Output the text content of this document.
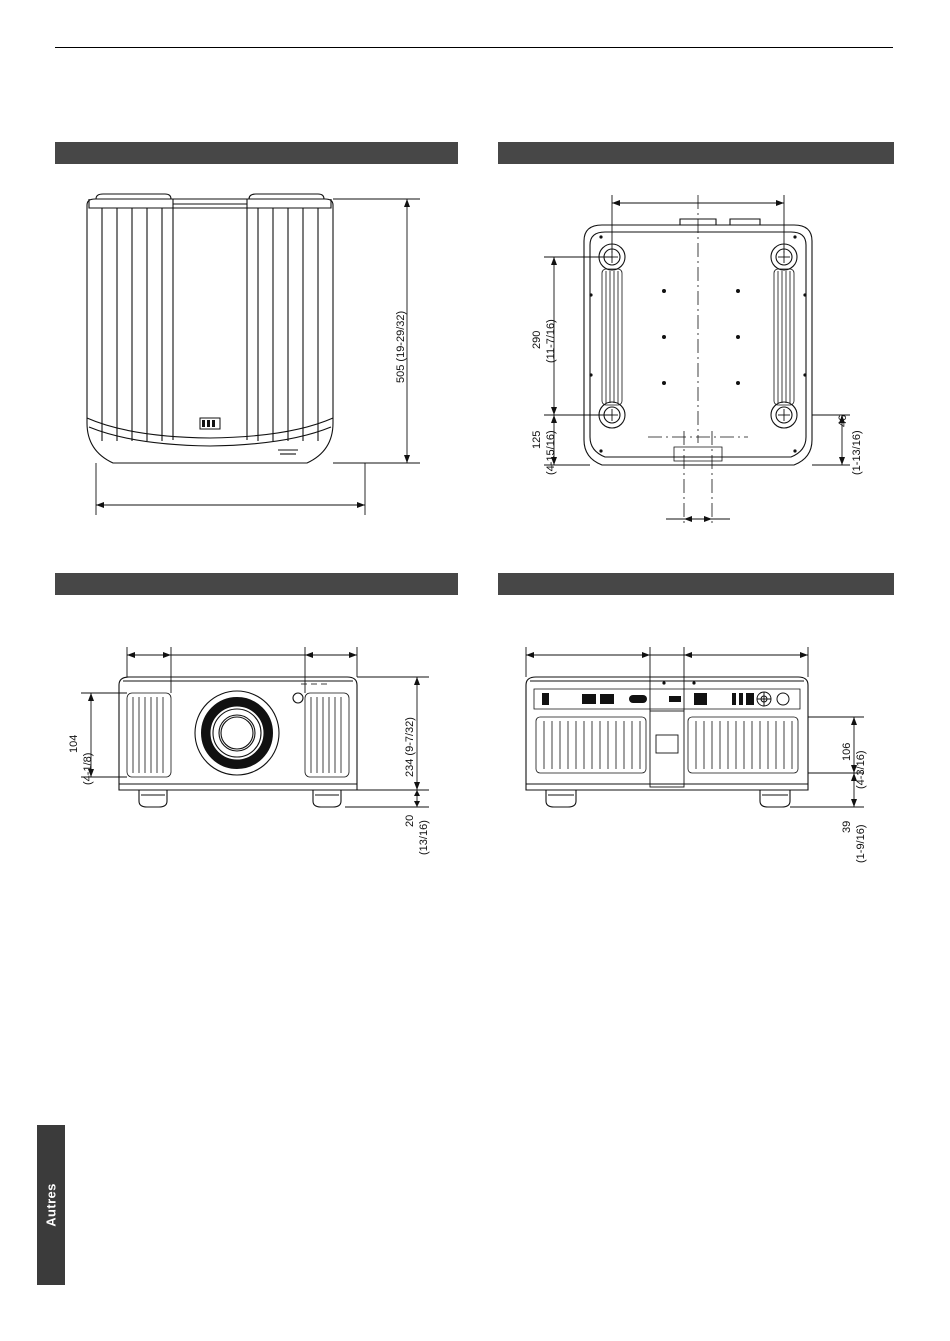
505 (19-29/32)	290 (11-7/16)
125 (4-15/16)
46
(1-13/16)
104
(4-1/8)	234 (9-7/32)
20 (13/16)
106 (4-3/16)
39 (1-9/16)
Autres
